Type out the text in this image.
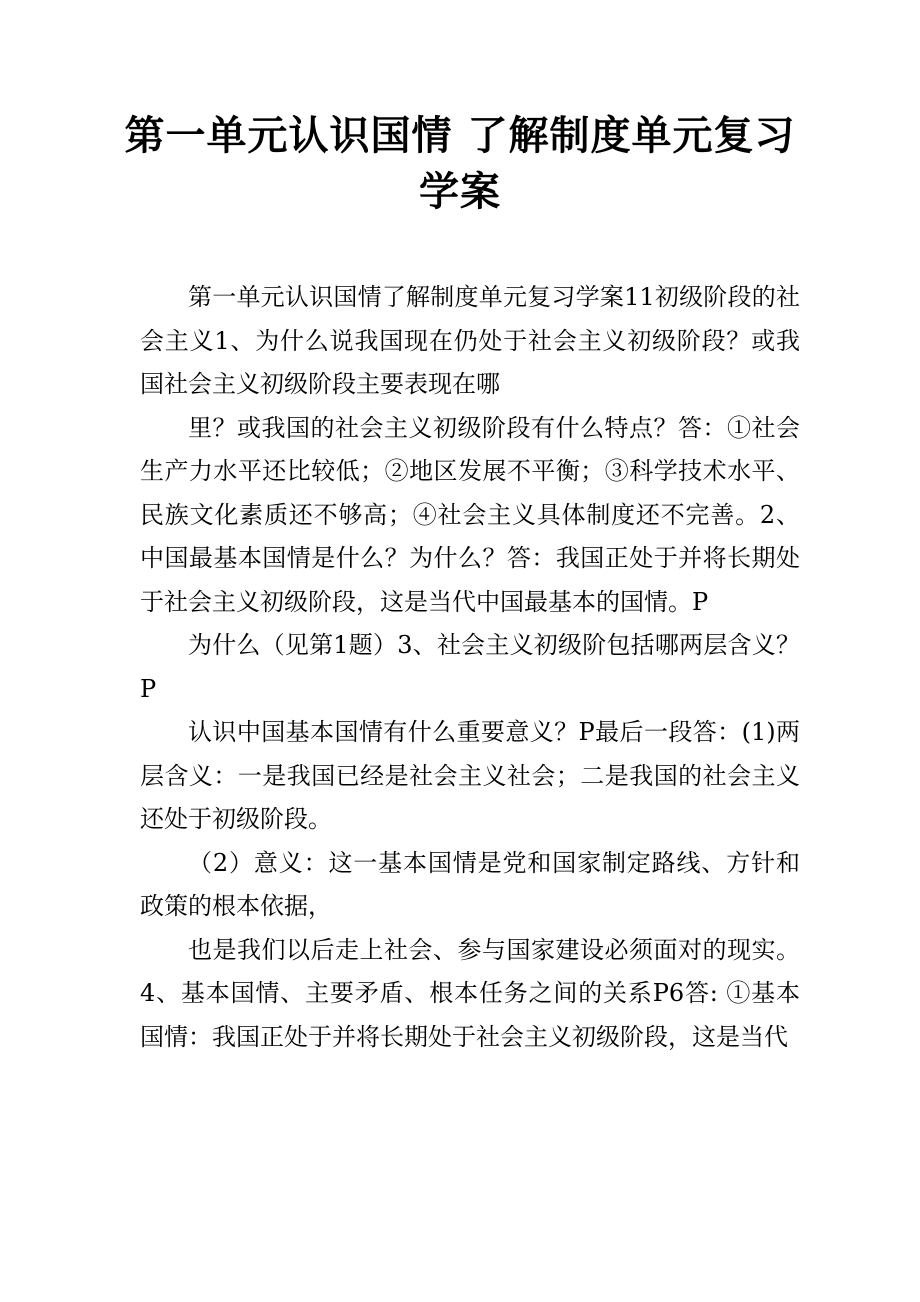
第一单元认识国情 了解制度单元复习
学案

第一单元认识国情了解制度单元复习学案11初级阶段的社会主义1、为什么说我国现在仍处于社会主义初级阶段？或我国社会主义初级阶段主要表现在哪

里？或我国的社会主义初级阶段有什么特点？答：①社会生产力水平还比较低；②地区发展不平衡；③科学技术水平、民族文化素质还不够高；④社会主义具体制度还不完善。2、中国最基本国情是什么？为什么？答：我国正处于并将长期处于社会主义初级阶段，这是当代中国最基本的国情。P

为什么（见第1题）3、社会主义初级阶包括哪两层含义？P

认识中国基本国情有什么重要意义？P最后一段答：(1)两层含义：一是我国已经是社会主义社会；二是我国的社会主义还处于初级阶段。

（2）意义：这一基本国情是党和国家制定路线、方针和政策的根本依据，

也是我们以后走上社会、参与国家建设必须面对的现实。4、基本国情、主要矛盾、根本任务之间的关系P6答: ①基本国情：我国正处于并将长期处于社会主义初级阶段，这是当代
